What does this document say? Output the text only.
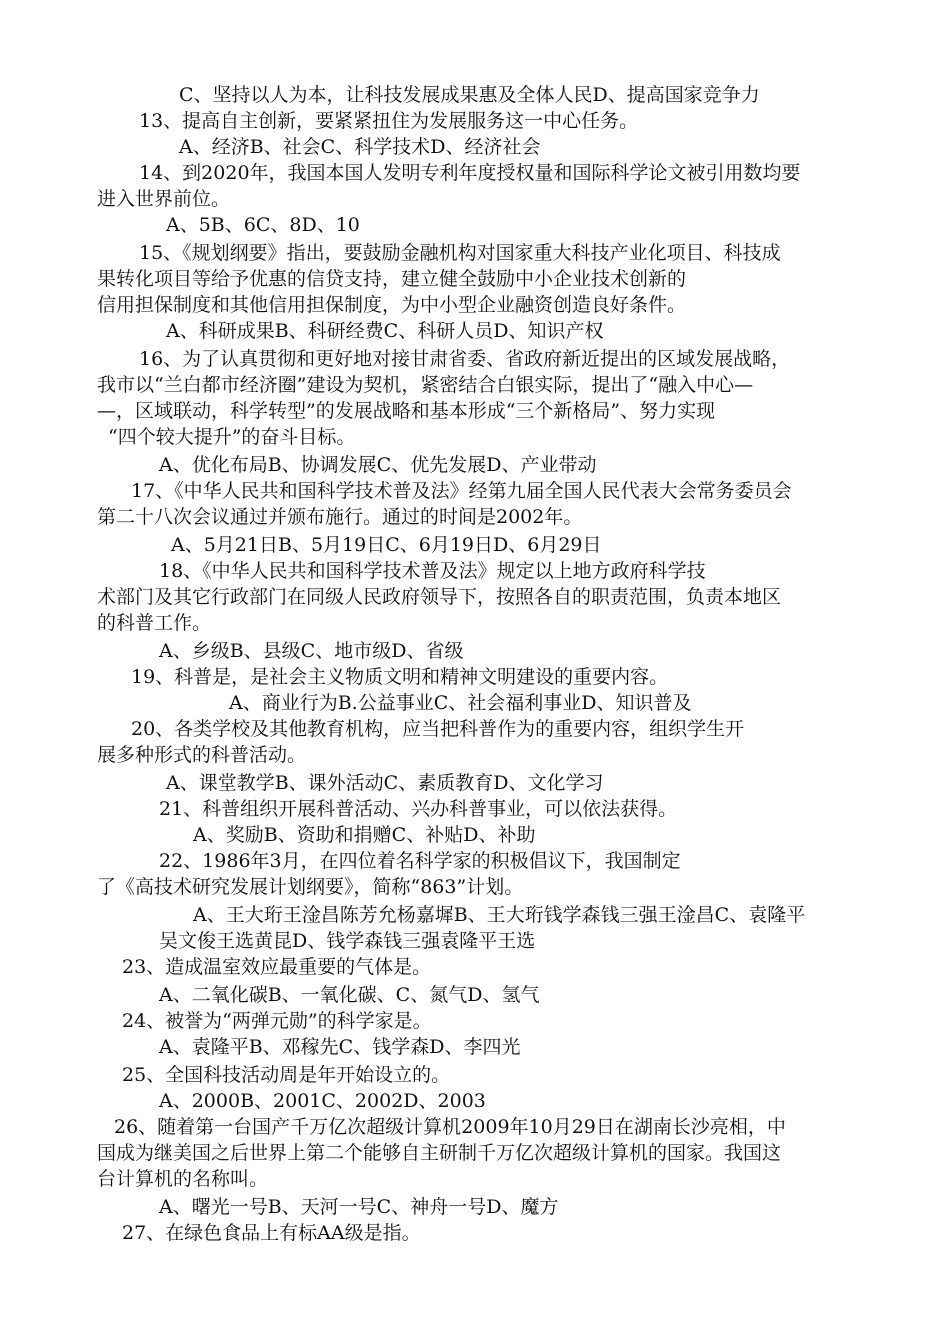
C、坚持以人为本，让科技发展成果惠及全体人民D、提高国家竞争力
13、提高自主创新，要紧紧扭住为发展服务这一中心任务。
A、经济B、社会C、科学技术D、经济社会
14、到2020年，我国本国人发明专利年度授权量和国际科学论文被引用数均要
进入世界前位。
A、5B、6C、8D、10
15、《规划纲要》指出，要鼓励金融机构对国家重大科技产业化项目、科技成
果转化项目等给予优惠的信贷支持，建立健全鼓励中小企业技术创新的
信用担保制度和其他信用担保制度，为中小型企业融资创造良好条件。
A、科研成果B、科研经费C、科研人员D、知识产权
16、为了认真贯彻和更好地对接甘肃省委、省政府新近提出的区域发展战略，
我市以“兰白都市经济圈”建设为契机，紧密结合白银实际，提出了“融入中心—
—，区域联动，科学转型”的发展战略和基本形成“三个新格局”、努力实现
“四个较大提升”的奋斗目标。
A、优化布局B、协调发展C、优先发展D、产业带动
17、《中华人民共和国科学技术普及法》经第九届全国人民代表大会常务委员会
第二十八次会议通过并颁布施行。通过的时间是2002年。
A、5月21日B、5月19日C、6月19日D、6月29日
18、《中华人民共和国科学技术普及法》规定以上地方政府科学技
术部门及其它行政部门在同级人民政府领导下，按照各自的职责范围，负责本地区
的科普工作。
A、乡级B、县级C、地市级D、省级
19、科普是，是社会主义物质文明和精神文明建设的重要内容。
A、商业行为B.公益事业C、社会福利事业D、知识普及
20、各类学校及其他教育机构，应当把科普作为的重要内容，组织学生开
展多种形式的科普活动。
A、课堂教学B、课外活动C、素质教育D、文化学习
21、科普组织开展科普活动、兴办科普事业，可以依法获得。
A、奖励B、资助和捐赠C、补贴D、补助
22、1986年3月，在四位着名科学家的积极倡议下，我国制定
了《高技术研究发展计划纲要》，简称“863”计划。
A、王大珩王淦昌陈芳允杨嘉墀B、王大珩钱学森钱三强王淦昌C、袁隆平
吴文俊王选黄昆D、钱学森钱三强袁隆平王选
23、造成温室效应最重要的气体是。
A、二氧化碳B、一氧化碳、C、氮气D、氢气
24、被誉为“两弹元勋”的科学家是。
A、袁隆平B、邓稼先C、钱学森D、李四光
25、全国科技活动周是年开始设立的。
A、2000B、2001C、2002D、2003
26、随着第一台国产千万亿次超级计算机2009年10月29日在湖南长沙亮相，中
国成为继美国之后世界上第二个能够自主研制千万亿次超级计算机的国家。我国这
台计算机的名称叫。
A、曙光一号B、天河一号C、神舟一号D、魔方
27、在绿色食品上有标AA级是指。
